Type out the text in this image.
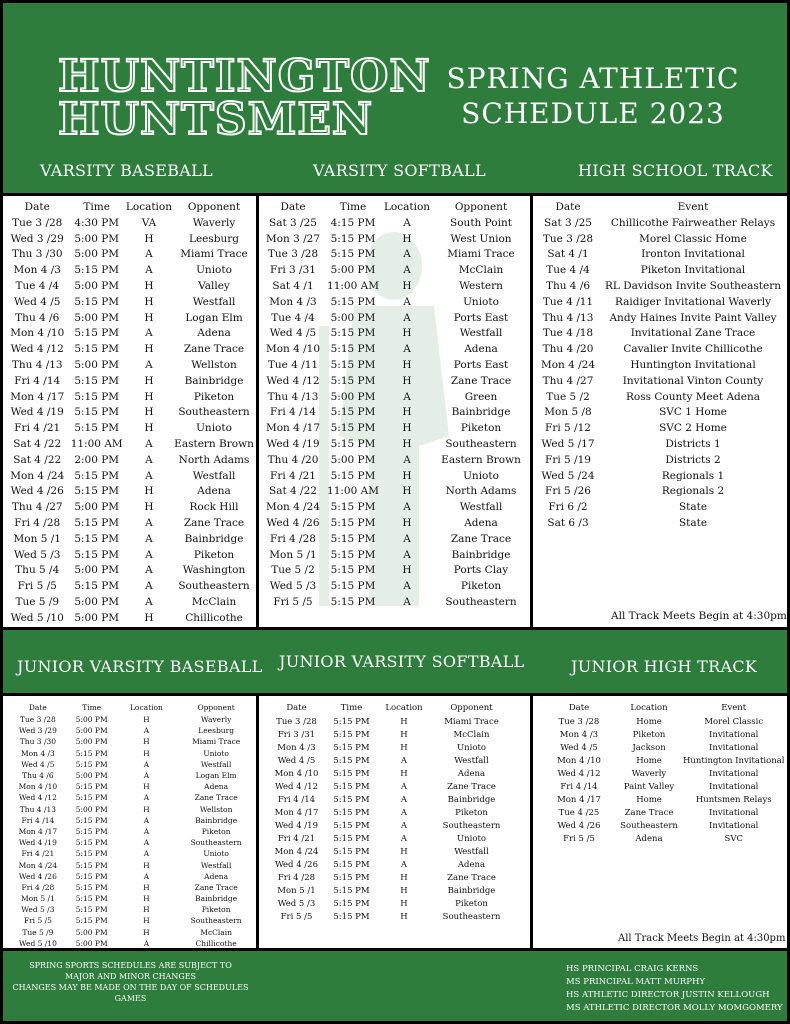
HUNTINGTON
HUNTSMEN
SPRING ATHLETIC
SCHEDULE 2023
VARSITY BASEBALL	VARSITY SOFTBALL	HIGH SCHOOL TRACK
Date	Time	Location	Opponent
Tue 3 /28	4:30 PM	VA	Waverly
Wed 3 /29	5:00 PM	H	Leesburg
Thu 3 /30	5:00 PM	A	Miami Trace
Mon 4 /3	5:15 PM	A	Unioto
Tue 4 /4	5:00 PM	H	Valley
Wed 4 /5	5:15 PM	H	Westfall
Thu 4 /6	5:00 PM	H	Logan Elm
Mon 4 /10	5:15 PM	A	Adena
Wed 4 /12	5:15 PM	H	Zane Trace
Thu 4 /13	5:00 PM	A	Wellston
Fri 4 /14	5:15 PM	H	Bainbridge
Mon 4 /17	5:15 PM	H	Piketon
Wed 4 /19	5:15 PM	H	Southeastern
Fri 4 /21	5:15 PM	H	Unioto
Sat 4 /22	11:00 AM	A	Eastern Brown
Sat 4 /22	2:00 PM	A	North Adams
Mon 4 /24	5:15 PM	A	Westfall
Wed 4 /26	5:15 PM	H	Adena
Thu 4 /27	5:00 PM	H	Rock Hill
Fri 4 /28	5:15 PM	A	Zane Trace
Mon 5 /1	5:15 PM	A	Bainbridge
Wed 5 /3	5:15 PM	A	Piketon
Thu 5 /4	5:00 PM	A	Washington
Fri 5 /5	5:15 PM	A	Southeastern
Tue 5 /9	5:00 PM	A	McClain
Wed 5 /10	5:00 PM	H	Chillicothe
Date	Time	Location	Opponent
Sat 3 /25	4:15 PM	A	South Point
Mon 3 /27	5:15 PM	H	West Union
Tue 3 /28	5:15 PM	A	Miami Trace
Fri 3 /31	5:00 PM	A	McClain
Sat 4 /1	11:00 AM	H	Western
Mon 4 /3	5:15 PM	A	Unioto
Tue 4 /4	5:00 PM	A	Ports East
Wed 4 /5	5:15 PM	H	Westfall
Mon 4 /10	5:15 PM	A	Adena
Tue 4 /11	5:15 PM	H	Ports East
Wed 4 /12	5:15 PM	H	Zane Trace
Thu 4 /13	5:00 PM	A	Green
Fri 4 /14	5:15 PM	H	Bainbridge
Mon 4 /17	5:15 PM	H	Piketon
Wed 4 /19	5:15 PM	H	Southeastern
Thu 4 /20	5:00 PM	A	Eastern Brown
Fri 4 /21	5:15 PM	H	Unioto
Sat 4 /22	11:00 AM	H	North Adams
Mon 4 /24	5:15 PM	A	Westfall
Wed 4 /26	5:15 PM	H	Adena
Fri 4 /28	5:15 PM	A	Zane Trace
Mon 5 /1	5:15 PM	A	Bainbridge
Tue 5 /2	5:15 PM	H	Ports Clay
Wed 5 /3	5:15 PM	A	Piketon
Fri 5 /5	5:15 PM	A	Southeastern
Date	Event
Sat 3 /25	Chillicothe Fairweather Relays
Tue 3 /28	Morel Classic Home
Sat 4 /1	Ironton Invitational
Tue 4 /4	Piketon Invitational
Thu 4 /6	RL Davidson Invite Southeastern
Tue 4 /11	Raidiger Invitational Waverly
Thu 4 /13	Andy Haines Invite Paint Valley
Tue 4 /18	Invitational Zane Trace
Thu 4 /20	Cavalier Invite Chillicothe
Mon 4 /24	Huntington Invitational
Thu 4 /27	Invitational Vinton County
Tue 5 /2	Ross County Meet Adena
Mon 5 /8	SVC 1 Home
Fri 5 /12	SVC 2 Home
Wed 5 /17	Districts 1
Fri 5 /19	Districts 2
Wed 5 /24	Regionals 1
Fri 5 /26	Regionals 2
Fri 6 /2	State
Sat 6 /3	State
All Track Meets Begin at 4:30pm
JUNIOR VARSITY BASEBALL JUNIOR VARSITY SOFTBALL	JUNIOR HIGH TRACK
Date	Time	Location	Opponent
Tue 3 /28	5:00 PM	H	Waverly
Wed 3 /29	5:00 PM	A	Leesburg
Thu 3 /30	5:00 PM	H	Miami Trace
Mon 4 /3	5:15 PM	H	Unioto
Wed 4 /5	5:15 PM	A	Westfall
Thu 4 /6	5:00 PM	A	Logan Elm
Mon 4 /10	5:15 PM	H	Adena
Wed 4 /12	5:15 PM	A	Zane Trace
Thu 4 /13	5:00 PM	H	Wellston
Fri 4 /14	5:15 PM	A	Bainbridge
Mon 4 /17	5:15 PM	A	Piketon
Wed 4 /19	5:15 PM	A	Southeastern
Fri 4 /21	5:15 PM	A	Unioto
Mon 4 /24	5:15 PM	H	Westfall
Wed 4 /26	5:15 PM	A	Adena
Fri 4 /28	5:15 PM	H	Zane Trace
Mon 5 /1	5:15 PM	H	Bainbridge
Wed 5 /3	5:15 PM	H	Piketon
Fri 5 /5	5:15 PM	H	Southeastern
Tue 5 /9	5:00 PM	H	McClain
Wed 5 /10	5:00 PM	A	Chillicothe
Date	Time	Location	Opponent
Tue 3 /28	5:15 PM	H	Miami Trace
Fri 3 /31	5:15 PM	H	McClain
Mon 4 /3	5:15 PM	H	Unioto
Wed 4 /5	5:15 PM	A	Westfall
Mon 4 /10	5:15 PM	H	Adena
Wed 4 /12	5:15 PM	A	Zane Trace
Fri 4 /14	5:15 PM	A	Bainbridge
Mon 4 /17	5:15 PM	A	Piketon
Wed 4 /19	5:15 PM	A	Southeastern
Fri 4 /21	5:15 PM	A	Unioto
Mon 4 /24	5:15 PM	H	Westfall
Wed 4 /26	5:15 PM	A	Adena
Fri 4 /28	5:15 PM	H	Zane Trace
Mon 5 /1	5:15 PM	H	Bainbridge
Wed 5 /3	5:15 PM	H	Piketon
Fri 5 /5	5:15 PM	H	Southeastern
Date	Location	Event
Tue 3 /28	Home	Morel Classic
Mon 4 /3	Piketon	Invitational
Wed 4 /5	Jackson	Invitational
Mon 4 /10	Home	Huntington Invitational
Wed 4 /12	Waverly	Invitational
Fri 4 /14	Paint Valley	Invitational
Mon 4 /17	Home	Huntsmen Relays
Tue 4 /25	Zane Trace	Invitational
Wed 4 /26	Southeastern	Invitational
Fri 5 /5	Adena	SVC
All Track Meets Begin at 4:30pm
SPRING SPORTS SCHEDULES ARE SUBJECT TO
MAJOR AND MINOR CHANGES
CHANGES MAY BE MADE ON THE DAY OF SCHEDULES GAMES
HS PRINCIPAL CRAIG KERNS
MS PRINCIPAL MATT MURPHY
HS ATHLETIC DIRECTOR JUSTIN KELLOUGH
MS ATHLETIC DIRECTOR MOLLY MOMGOMERY
